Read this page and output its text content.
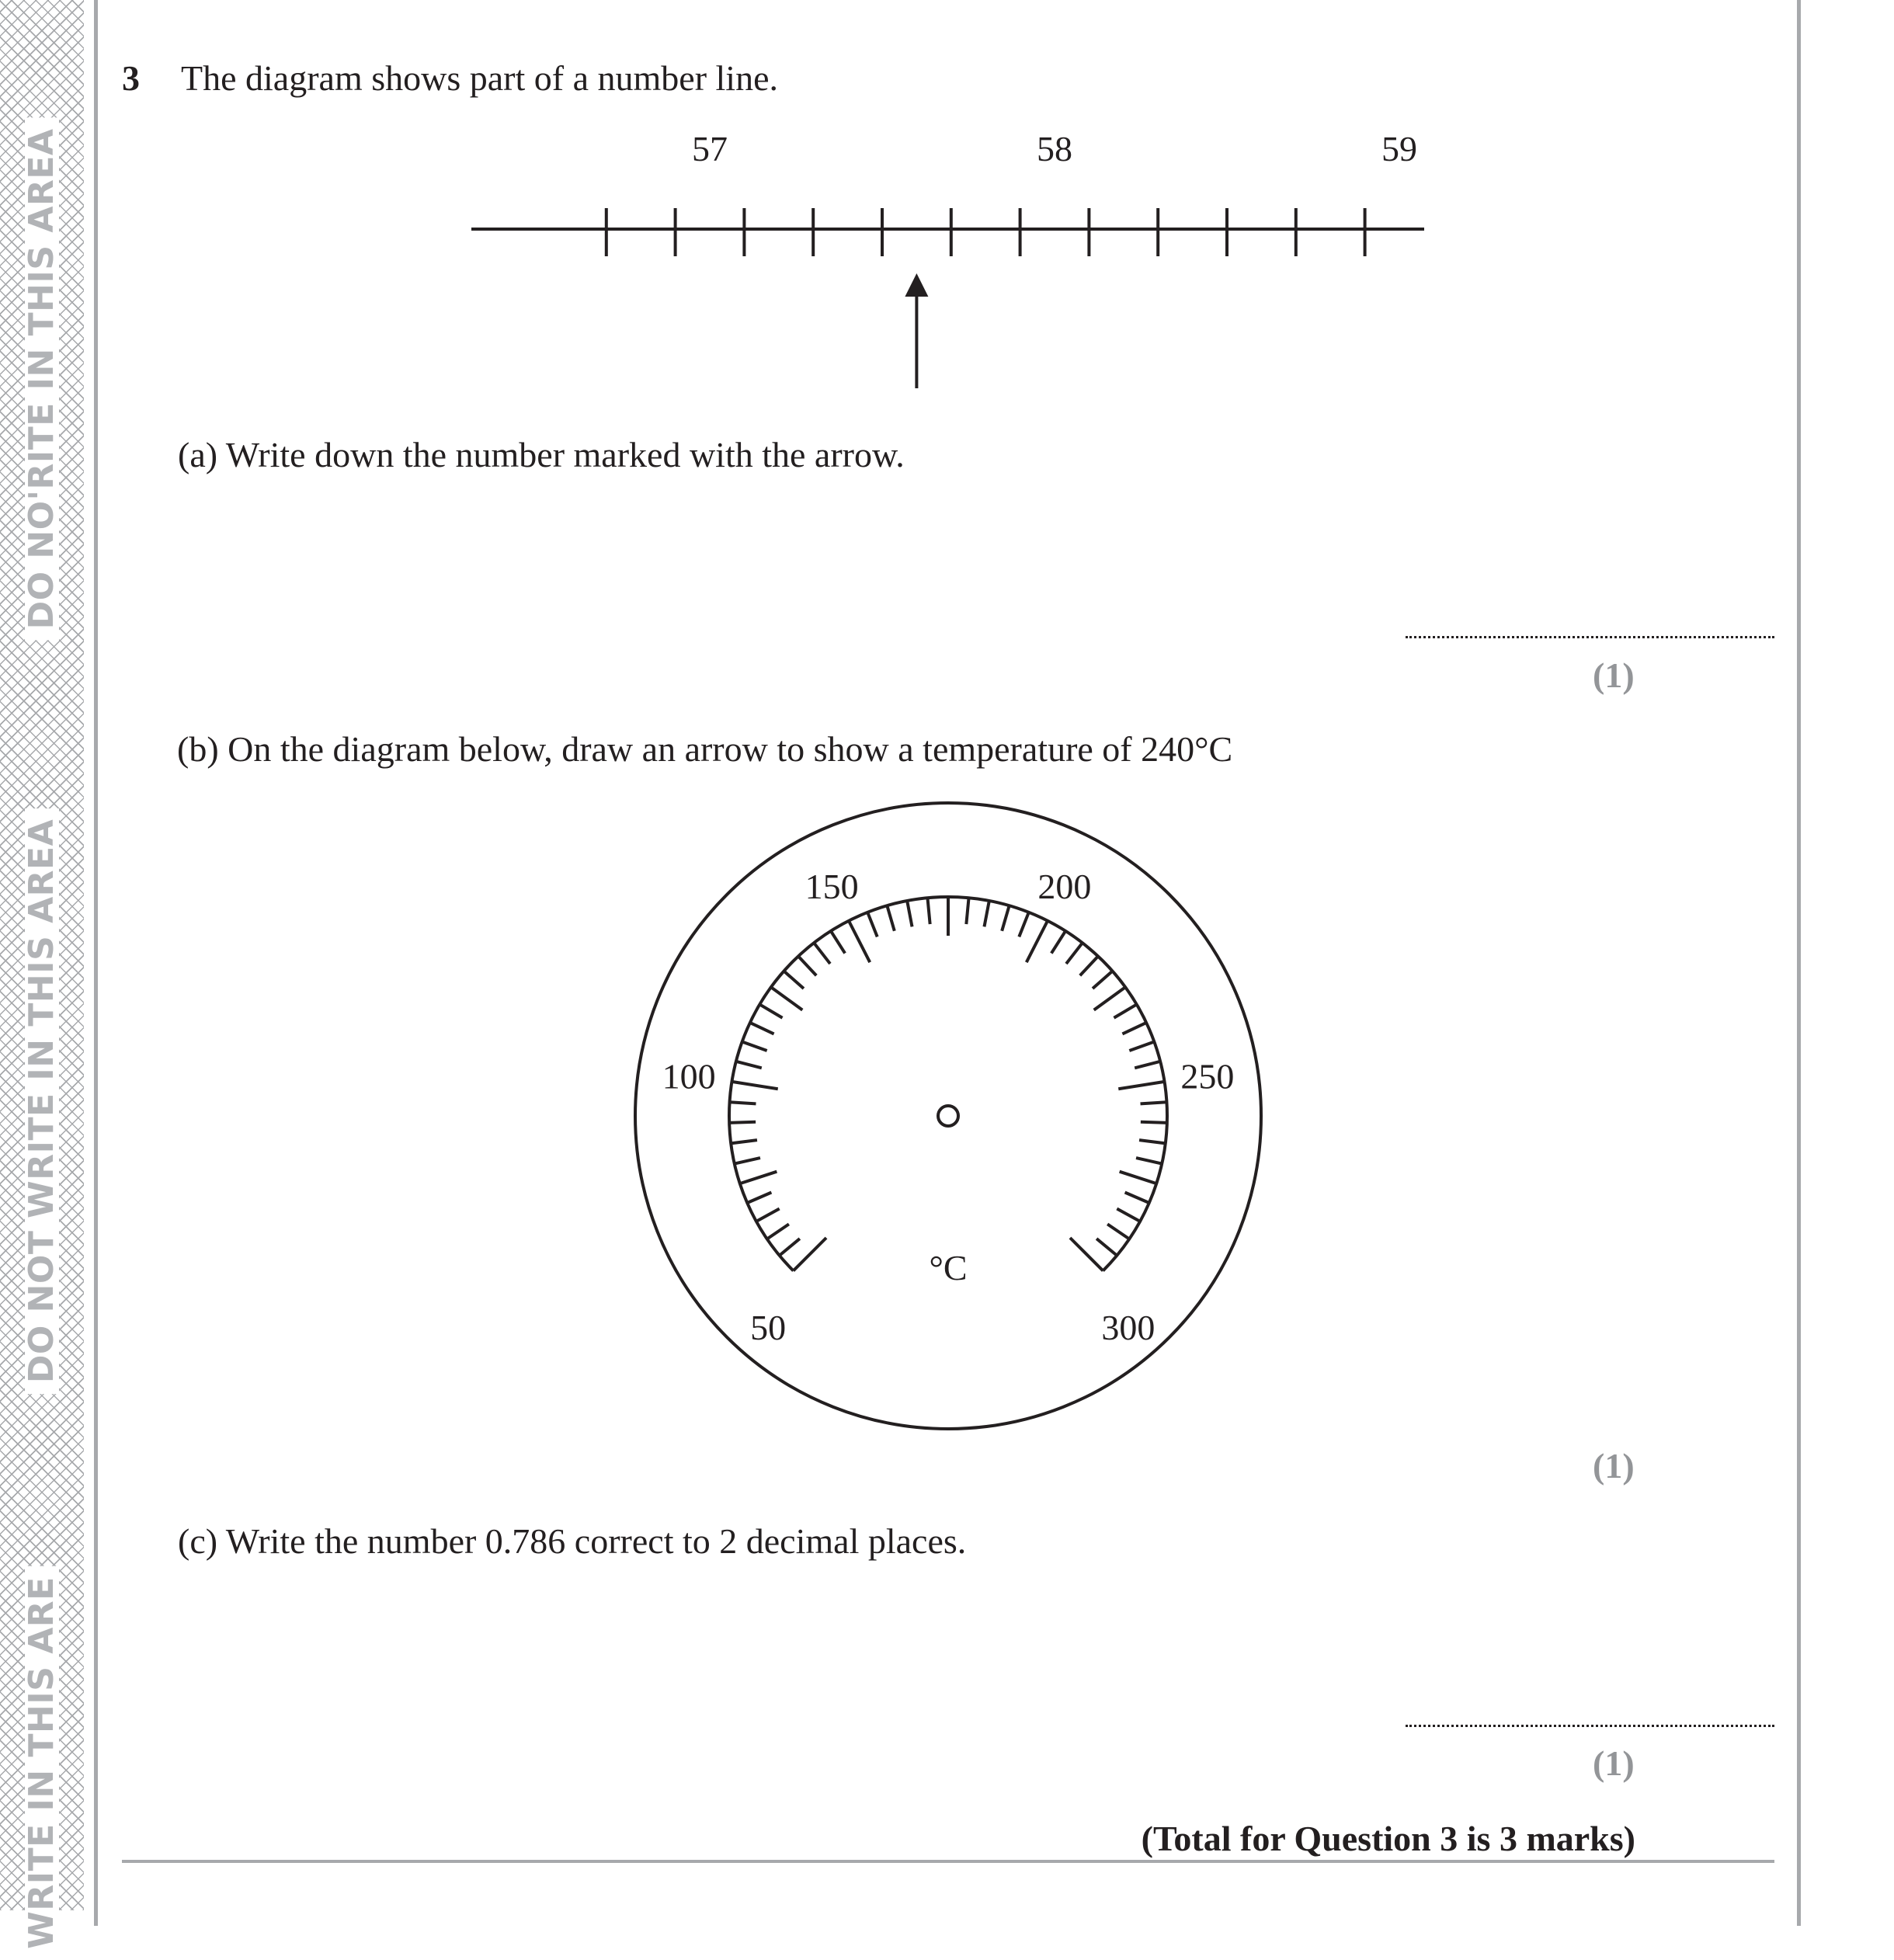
DO NO'RITE IN THIS AREA
DO NOT WRITE IN THIS AREA
WRITE IN THIS ARE
3 The diagram shows part of a number line.
57	58	59
(a) Write down the number marked with the arrow.
(1)
(b) On the diagram below, draw an arrow to show a temperature of 240°C
50
100
150	200
250
300
°C
(1)
(c) Write the number 0.786 correct to 2 decimal places.
(1)
(Total for Question 3 is 3 marks)
